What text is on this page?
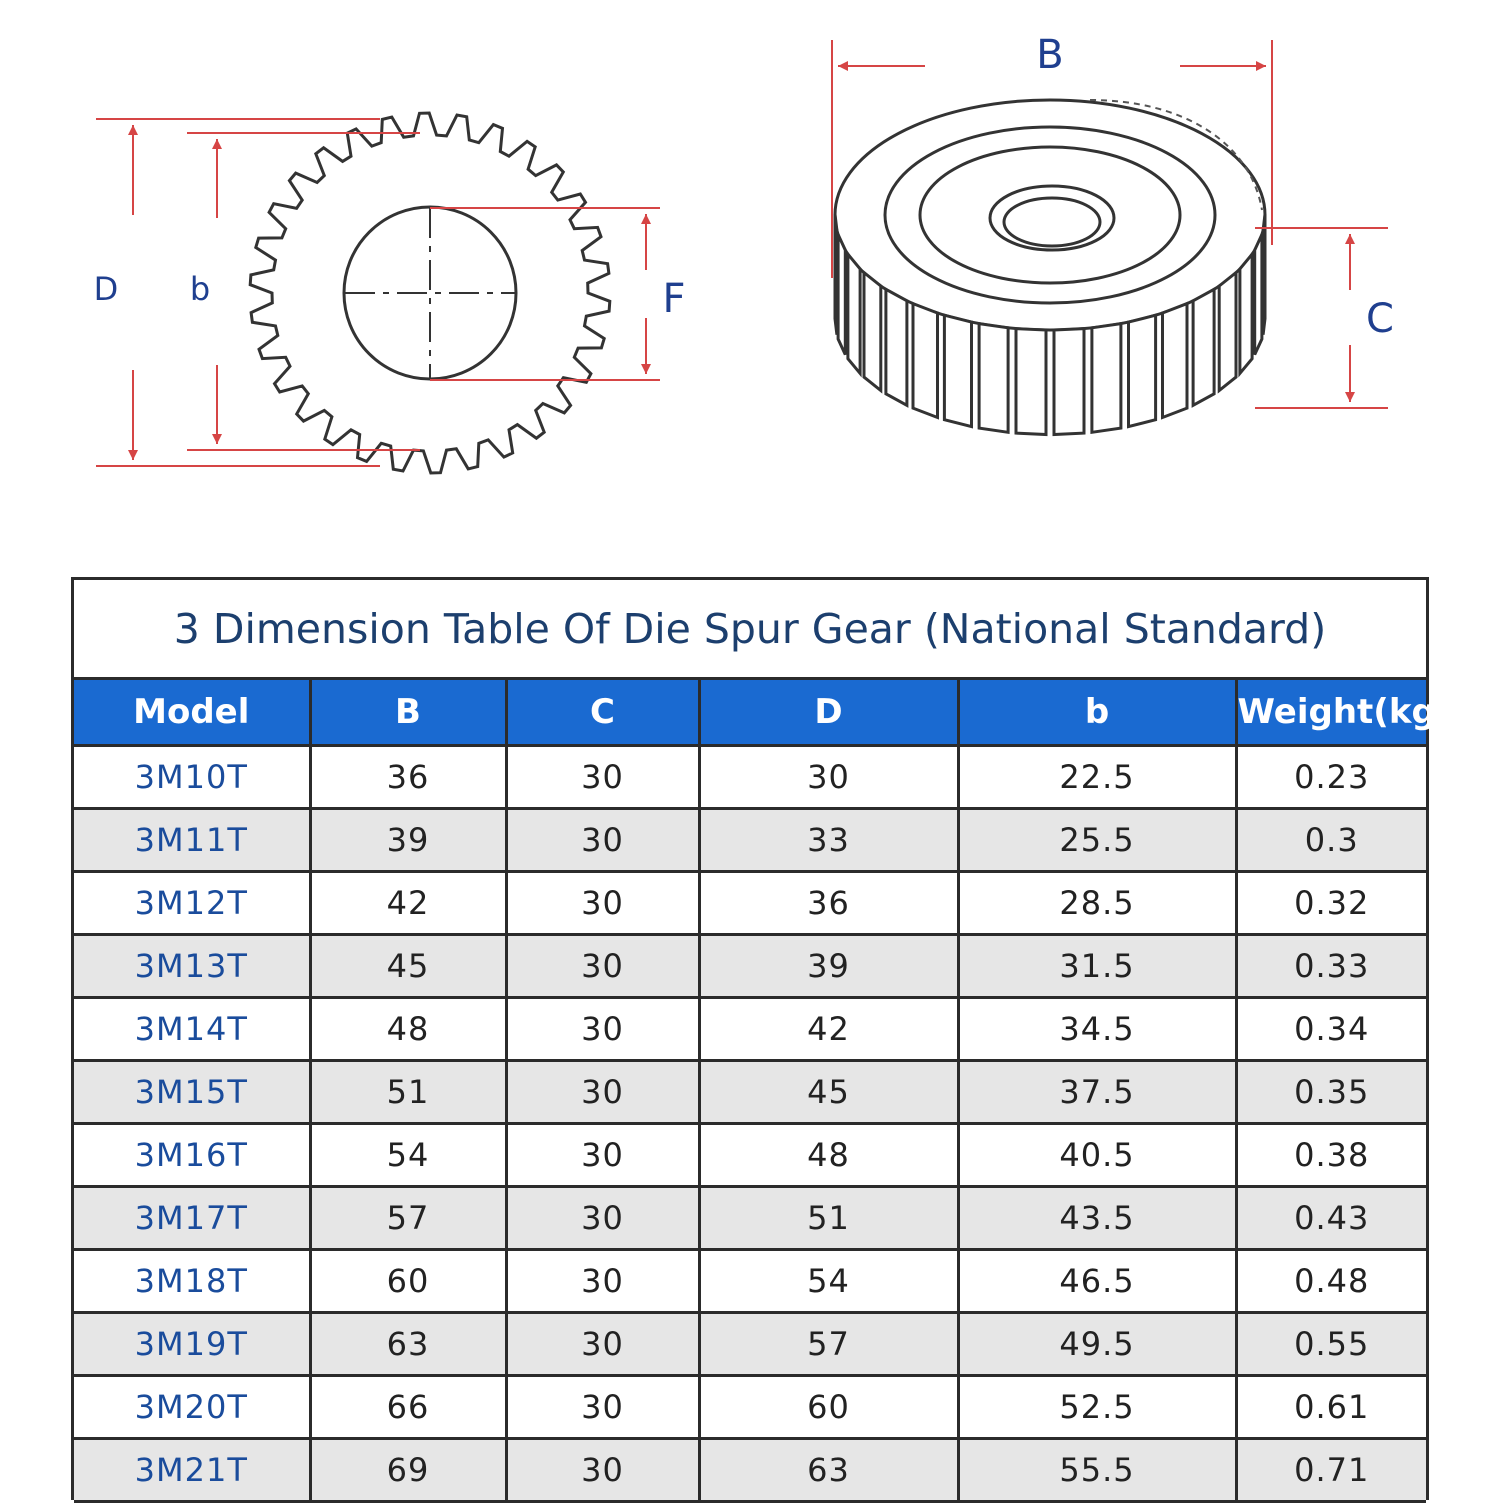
D b	F
B
C
3 Dimension Table Of Die Spur Gear (National Standard)
Model	B	C	D	b	Weight(kg)
3M10T	36	30	30	22.5	0.23
3M11T	39	30	33	25.5	0.3
3M12T	42	30	36	28.5	0.32
3M13T	45	30	39	31.5	0.33
3M14T	48	30	42	34.5	0.34
3M15T	51	30	45	37.5	0.35
3M16T	54	30	48	40.5	0.38
3M17T	57	30	51	43.5	0.43
3M18T	60	30	54	46.5	0.48
3M19T	63	30	57	49.5	0.55
3M20T	66	30	60	52.5	0.61
3M21T	69	30	63	55.5	0.71
